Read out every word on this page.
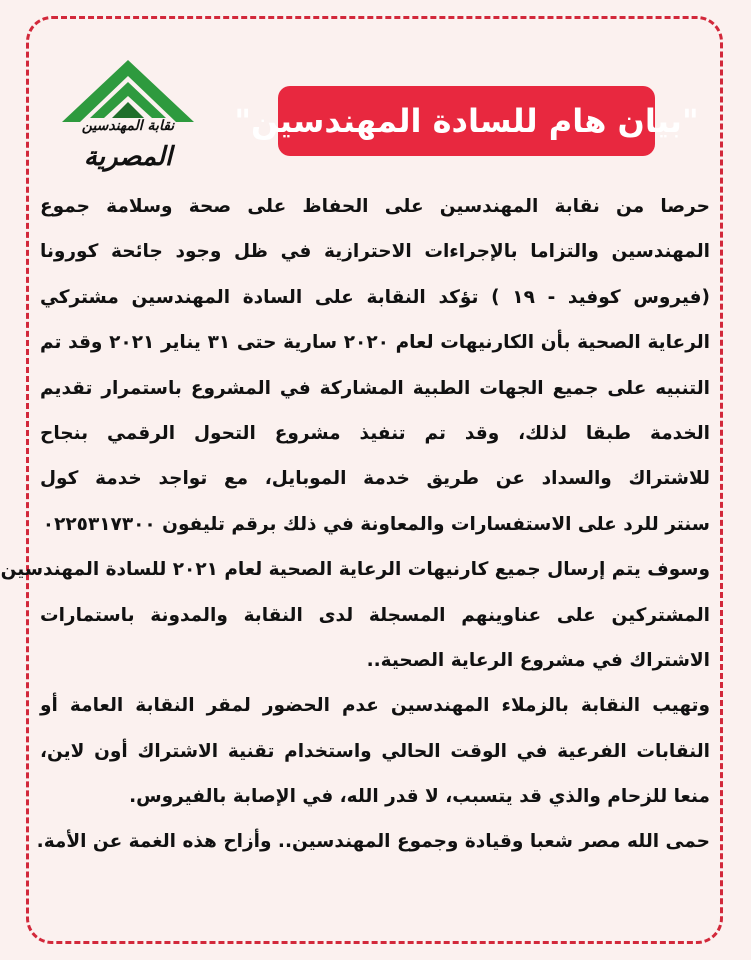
نقابة المهندسين
المصرية
"بيان هام للسادة المهندسين"
حرصا من نقابة المهندسين على الحفاظ على صحة وسلامة جموع
المهندسين والتزاما بالإجراءات الاحترازية في ظل وجود جائحة كورونا
(فيروس كوفيد - ١٩ ) تؤكد النقابة على السادة المهندسين مشتركي
الرعاية الصحية بأن الكارنيهات لعام ٢٠٢٠ سارية حتى ٣١ يناير ٢٠٢١ وقد تم
التنبيه على جميع الجهات الطبية المشاركة في المشروع باستمرار تقديم
الخدمة طبقا لذلك، وقد تم تنفيذ مشروع التحول الرقمي بنجاح
للاشتراك والسداد عن طريق خدمة الموبايل، مع تواجد خدمة كول
سنتر للرد على الاستفسارات والمعاونة في ذلك برقم تليفون ٠٢٢٥٣١٧٣٠٠
وسوف يتم إرسال جميع كارنيهات الرعاية الصحية لعام ٢٠٢١ للسادة المهندسين
المشتركين على عناوينهم المسجلة لدى النقابة والمدونة باستمارات
الاشتراك في مشروع الرعاية الصحية..
وتهيب النقابة بالزملاء المهندسين عدم الحضور لمقر النقابة العامة أو
النقابات الفرعية في الوقت الحالي واستخدام تقنية الاشتراك أون لاين،
منعا للزحام والذي قد يتسبب، لا قدر الله، في الإصابة بالفيروس.
حمى الله مصر شعبا وقيادة وجموع المهندسين.. وأزاح هذه الغمة عن الأمة.
